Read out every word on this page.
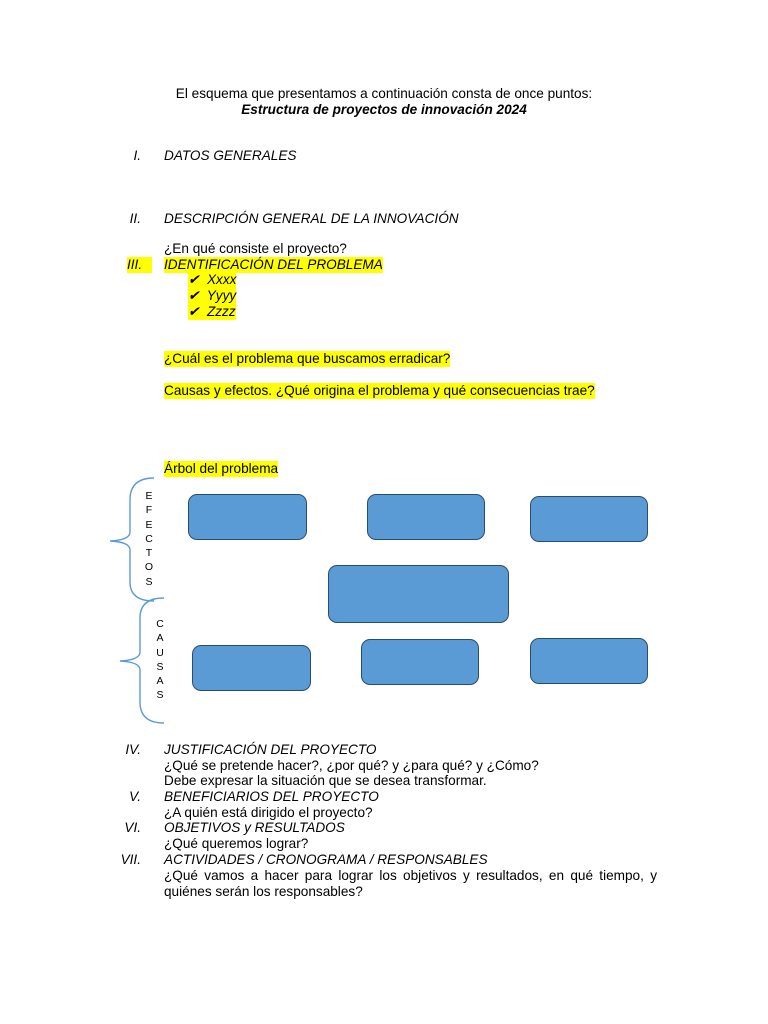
El esquema que presentamos a continuación consta de once puntos:
Estructura de proyectos de innovación 2024
I. DATOS GENERALES
II. DESCRIPCIÓN GENERAL DE LA INNOVACIÓN
¿En qué consiste el proyecto?
III.	IDENTIFICACIÓN DEL PROBLEMA
✔ Xxxx
✔ Yyyy
✔ Zzzz
¿Cuál es el problema que buscamos erradicar?
Causas y efectos. ¿Qué origina el problema y qué consecuencias trae?
Árbol del problema
E
F
E
C
T
O
S
C
A
U
S
A
S
IV. JUSTIFICACIÓN DEL PROYECTO
¿Qué se pretende hacer?, ¿por qué? y ¿para qué? y ¿Cómo?
Debe expresar la situación que se desea transformar.
V. BENEFICIARIOS DEL PROYECTO
¿A quién está dirigido el proyecto?
VI. OBJETIVOS y RESULTADOS
¿Qué queremos lograr?
VII. ACTIVIDADES / CRONOGRAMA / RESPONSABLES
¿Qué vamos a hacer para lograr los objetivos y resultados, en qué tiempo, y quiénes serán los responsables?
